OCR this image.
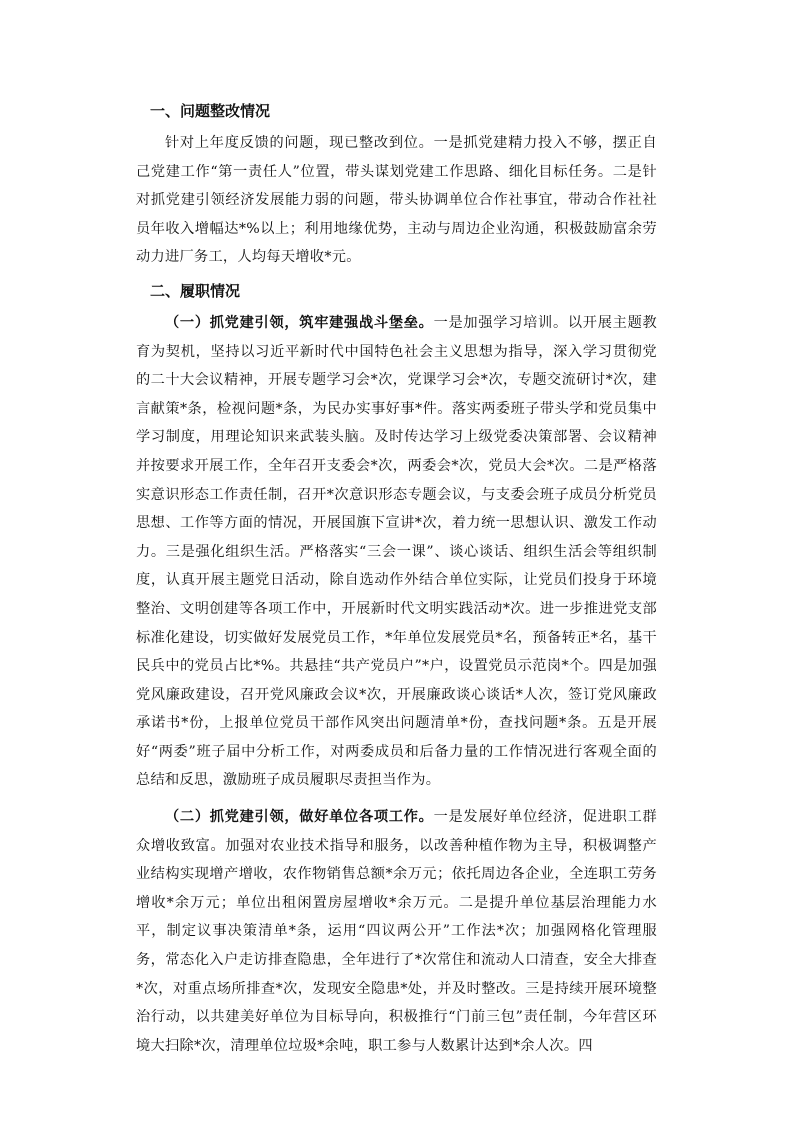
一、问题整改情况

针对上年度反馈的问题，现已整改到位。一是抓党建精力投入不够，摆正自己党建工作“第一责任人”位置，带头谋划党建工作思路、细化目标任务。二是针对抓党建引领经济发展能力弱的问题，带头协调单位合作社事宜，带动合作社社员年收入增幅达*%以上；利用地缘优势，主动与周边企业沟通，积极鼓励富余劳动力进厂务工，人均每天增收*元。

二、履职情况

（一）抓党建引领，筑牢建强战斗堡垒。一是加强学习培训。以开展主题教育为契机，坚持以习近平新时代中国特色社会主义思想为指导，深入学习贯彻党的二十大会议精神，开展专题学习会*次，党课学习会*次，专题交流研讨*次，建言献策*条，检视问题*条，为民办实事好事*件。落实两委班子带头学和党员集中学习制度，用理论知识来武装头脑。及时传达学习上级党委决策部署、会议精神并按要求开展工作，全年召开支委会*次，两委会*次，党员大会*次。二是严格落实意识形态工作责任制，召开*次意识形态专题会议，与支委会班子成员分析党员思想、工作等方面的情况，开展国旗下宣讲*次，着力统一思想认识、激发工作动力。三是强化组织生活。严格落实“三会一课”、谈心谈话、组织生活会等组织制度，认真开展主题党日活动，除自选动作外结合单位实际，让党员们投身于环境整治、文明创建等各项工作中，开展新时代文明实践活动*次。进一步推进党支部标准化建设，切实做好发展党员工作，*年单位发展党员*名，预备转正*名，基干民兵中的党员占比*%。共悬挂“共产党员户”*户，设置党员示范岗*个。四是加强党风廉政建设，召开党风廉政会议*次，开展廉政谈心谈话*人次，签订党风廉政承诺书*份，上报单位党员干部作风突出问题清单*份，查找问题*条。五是开展好“两委”班子届中分析工作，对两委成员和后备力量的工作情况进行客观全面的总结和反思，激励班子成员履职尽责担当作为。

（二）抓党建引领，做好单位各项工作。一是发展好单位经济，促进职工群众增收致富。加强对农业技术指导和服务，以改善种植作物为主导，积极调整产业结构实现增产增收，农作物销售总额*余万元；依托周边各企业，全连职工劳务增收*余万元；单位出租闲置房屋增收*余万元。二是提升单位基层治理能力水平，制定议事决策清单*条，运用“四议两公开”工作法*次；加强网格化管理服务，常态化入户走访排查隐患，全年进行了*次常住和流动人口清查，安全大排查*次，对重点场所排查*次，发现安全隐患*处，并及时整改。三是持续开展环境整治行动，以共建美好单位为目标导向，积极推行“门前三包”责任制，今年营区环境大扫除*次，清理单位垃圾*余吨，职工参与人数累计达到*余人次。四
